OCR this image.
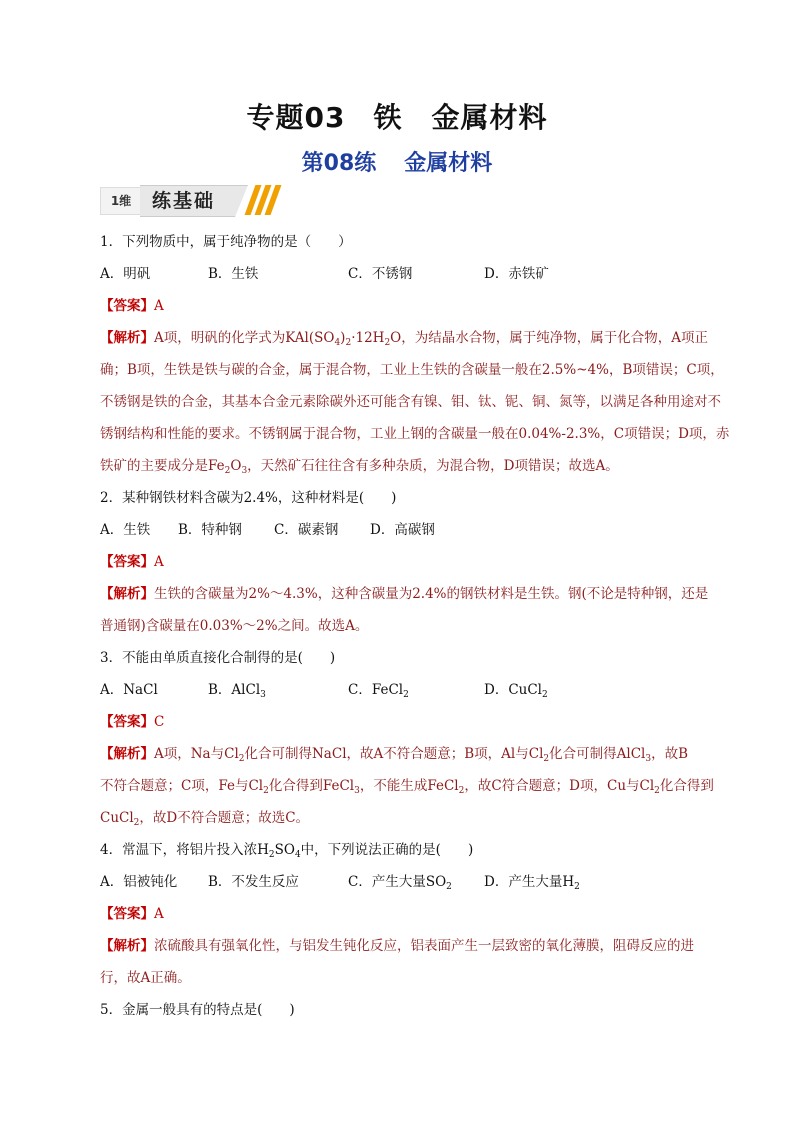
专题03 铁　金属材料
第08练 金属材料
1维	练基础
1．下列物质中，属于纯净物的是（　　）
A．明矾	B．生铁	C．不锈钢	D．赤铁矿
【答案】A
【解析】A项，明矾的化学式为$KAl(SO_4)_2\cdot 12H_2O$，为结晶水合物，属于纯净物，属于化合物，A项正
确；B项，生铁是铁与碳的合金，属于混合物，工业上生铁的含碳量一般在2.5%~4%，B项错误；C项，
不锈钢是铁的合金，其基本合金元素除碳外还可能含有镍、钼、钛、铌、铜、氮等，以满足各种用途对不
锈钢结构和性能的要求。不锈钢属于混合物，工业上钢的含碳量一般在0.04%-2.3%，C项错误；D项，赤
铁矿的主要成分是$Fe_2O_3$，天然矿石往往含有多种杂质，为混合物，D项错误；故选A。
2．某种钢铁材料含碳为2.4%，这种材料是(　　)
A．生铁 B．特种钢 C．碳素钢 D．高碳钢
【答案】A
【解析】生铁的含碳量为2%～4.3%，这种含碳量为2.4%的钢铁材料是生铁。钢(不论是特种钢，还是
普通钢)含碳量在0.03%～2%之间。故选A。
3．不能由单质直接化合制得的是(　　)
A．NaCl	B．AlCl$_3$	C．FeCl$_2$	D．CuCl$_2$
【答案】C
【解析】A项，Na与$Cl_2$化合可制得NaCl，故A不符合题意；B项，Al与$Cl_2$化合可制得AlCl$_3$，故B
不符合题意；C项，Fe与$Cl_2$化合得到FeCl$_3$，不能生成FeCl$_2$，故C符合题意；D项，Cu与$Cl_2$化合得到
CuCl$_2$，故D不符合题意；故选C。
4．常温下，将铝片投入浓$H_2SO_4$中，下列说法正确的是(　　)
A．铝被钝化 B．不发生反应	C．产生大量$SO_2$ D．产生大量$H_2$
【答案】A
【解析】浓硫酸具有强氧化性，与铝发生钝化反应，铝表面产生一层致密的氧化薄膜，阻碍反应的进
行，故A正确。
5．金属一般具有的特点是(　　)
